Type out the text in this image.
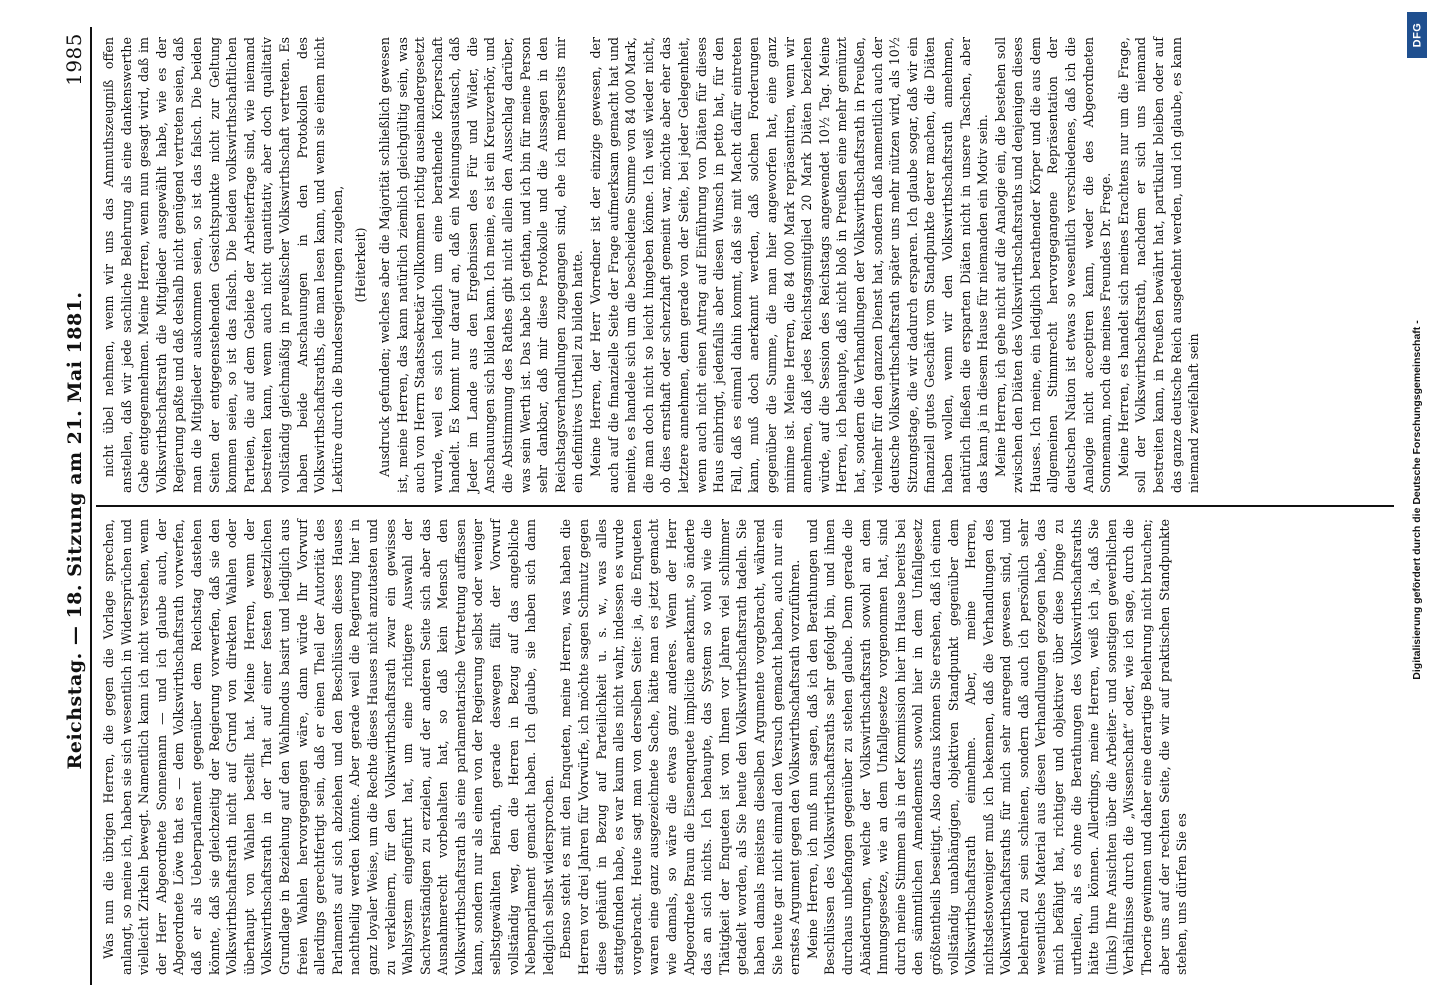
Reichstag. — 18. Sitzung am 21. Mai 1881.
1985

Was nun die übrigen Herren, die gegen die Vorlage sprechen, anlangt, so meine ich, haben sie sich wesentlich in Widersprüchen und vielleicht Zirkeln bewegt. Namentlich kann ich nicht verstehen, wenn der Herr Abgeordnete Sonnemann — und ich glaube auch, der Abgeordnete Löwe that es — dem Volkswirthschaftsrath vorwerfen, daß er als Ueberparlament gegenüber dem Reichstag dastehen könnte, daß sie gleichzeitig der Regierung vorwerfen, daß sie den Volkswirthschaftsrath nicht auf Grund von direkten Wahlen oder überhaupt von Wahlen bestellt hat. Meine Herren, wenn der Volkswirthschaftsrath in der That auf einer festen gesetzlichen Grundlage in Beziehung auf den Wahlmodus basirt und lediglich aus freien Wahlen hervorgegangen wäre, dann würde Ihr Vorwurf allerdings gerechtfertigt sein, daß er einen Theil der Autorität des Parlaments auf sich abziehen und den Beschlüssen dieses Hauses nachtheilig werden könnte. Aber gerade weil die Regierung hier in ganz loyaler Weise, um die Rechte dieses Hauses nicht anzutasten und zu verkleinern, für den Volkswirthschaftsrath zwar ein gewisses Wahlsystem eingeführt hat, um eine richtigere Auswahl der Sachverständigen zu erzielen, auf der anderen Seite sich aber das Ausnahmerecht vorbehalten hat, so daß kein Mensch den Volkswirthschaftsrath als eine parlamentarische Vertretung auffassen kann, sondern nur als einen von der Regierung selbst oder weniger selbstgewählten Beirath, gerade deswegen fällt der Vorwurf vollständig weg, den die Herren in Bezug auf das angebliche Nebenparlament gemacht haben. Ich glaube, sie haben sich dann lediglich selbst widersprochen. Ebenso steht es mit den Enqueten, meine Herren, was haben die Herren vor drei Jahren für Vorwürfe, ich möchte sagen Schmutz gegen diese gehäuft in Bezug auf Parteilichkeit u. s. w., was alles stattgefunden habe, es war kaum alles nicht wahr, indessen es wurde vorgebracht. Heute sagt man von derselben Seite: ja, die Enqueten waren eine ganz ausgezeichnete Sache, hätte man es jetzt gemacht wie damals, so wäre die etwas ganz anderes. Wenn der Herr Abgeordnete Braun die Eisenenquete implicite anerkannt, so änderte das an sich nichts. Ich behaupte, das System so wohl wie die Thätigkeit der Enqueten ist von Ihnen vor Jahren viel schlimmer getadelt worden, als Sie heute den Volkswirthschaftsrath tadeln. Sie haben damals meistens dieselben Argumente vorgebracht, während Sie heute gar nicht einmal den Versuch gemacht haben, auch nur ein ernstes Argument gegen den Volkswirthschaftsrath vorzuführen. Meine Herren, ich muß nun sagen, daß ich den Berathungen und Beschlüssen des Volkswirthschaftsraths sehr gefolgt bin, und ihnen durchaus unbefangen gegenüber zu stehen glaube. Denn gerade die Abänderungen, welche der Volkswirthschaftsrath sowohl an dem Innungsgesetze, wie an dem Unfallgesetze vorgenommen hat, sind durch meine Stimmen als in der Kommission hier im Hause bereits bei den sämmtlichen Amendements sowohl hier in dem Unfallgesetz größtentheils beseitigt. Also daraus können Sie ersehen, daß ich einen vollständig unabhängigen, objektiven Standpunkt gegenüber dem Volkswirthschaftsrath einnehme. Aber, meine Herren, nichtsdestoweniger muß ich bekennen, daß die Verhandlungen des Volkswirthschaftsraths für mich sehr anregend gewesen sind, und belehrend zu sein schienen, sondern daß auch ich persönlich sehr wesentliches Material aus diesen Verhandlungen gezogen habe, das mich befähigt hat, richtiger und objektiver über diese Dinge zu urtheilen, als es ohne die Berathungen des Volkswirthschaftsraths hätte thun können. Allerdings, meine Herren, weiß ich ja, daß Sie (links) Ihre Ansichten über die Arbeiter- und sonstigen gewerblichen Verhältnisse durch die „Wissenschaft“ oder, wie ich sage, durch die Theorie gewinnen und daher eine derartige Belehrung nicht brauchen; aber uns auf der rechten Seite, die wir auf praktischen Standpunkte stehen, uns dürfen Sie es

nicht übel nehmen, wenn wir uns das Anmuthszeugniß offen anstellen, daß wir jede sachliche Belehrung als eine dankenswerthe Gabe entgegennehmen. Meine Herren, wenn nun gesagt wird, daß im Volkswirthschaftsrath die Mitglieder ausgewählt habe, wie es der Regierung paßte und daß deshalb nicht genügend vertreten seien, daß man die Mitglieder auskommen seien, so ist das falsch. Die beiden Seiten der entgegenstehenden Gesichtspunkte nicht zur Geltung kommen seien, so ist das falsch. Die beiden volkswirthschaftlichen Parteien, die auf dem Gebiete der Arbeiterfrage sind, wie niemand bestreiten kann, wenn auch nicht quantitativ, aber doch qualitativ vollständig gleichmäßig in preußischer Volkswirthschaft vertreten. Es haben beide Anschauungen in den Protokollen des Volkswirthschaftsraths, die man lesen kann, und wenn sie einem nicht Lektüre durch die Bundesregierungen zugehen, (Heiterkeit) Ausdruck gefunden; welches aber die Majorität schließlich gewesen ist, meine Herren, das kann natürlich ziemlich gleichgültig sein, was auch von Herrn Staatssekretär vollkommen richtig auseinandergesetzt wurde, weil es sich lediglich um eine berathende Körperschaft handelt. Es kommt nur darauf an, daß ein Meinungsaustausch, daß Jeder im Lande aus den Ergebnissen des Für und Wider, die Anschauungen sich bilden kann. Ich meine, es ist ein Kreuzverhör, und die Abstimmung des Rathes gibt nicht allein den Ausschlag darüber, was sein Werth ist. Das habe ich gethan, und ich bin für meine Person sehr dankbar, daß mir diese Protokolle und die Aussagen in den Reichstagsverhandlungen zugegangen sind, ehe ich meinerseits mir ein definitives Urtheil zu bilden hatte. Meine Herren, der Herr Vorredner ist der einzige gewesen, der auch auf die finanzielle Seite der Frage aufmerksam gemacht hat und meinte, es handele sich um die bescheidene Summe von 84 000 Mark, die man doch nicht so leicht hingeben könne. Ich weiß wieder nicht, ob dies ernsthaft oder scherzhaft gemeint war, möchte aber eher das letztere annehmen, denn gerade von der Seite, bei jeder Gelegenheit, wenn auch nicht einen Antrag auf Einführung von Diäten für dieses Haus einbringt, jedenfalls aber diesen Wunsch in petto hat, für den Fall, daß es einmal dahin kommt, daß sie mit Macht dafür eintreten kann, muß doch anerkannt werden, daß solchen Forderungen gegenüber die Summe, die man hier angeworfen hat, eine ganz minime ist. Meine Herren, die 84 000 Mark repräsentiren, wenn wir annehmen, daß jedes Reichstagsmitglied 20 Mark Diäten beziehen würde, auf die Session des Reichstags angewendet 10½ Tag. Meine Herren, ich behaupte, daß nicht bloß in Preußen eine mehr gemünzt hat, sondern die Verhandlungen der Volkswirthschaftsrath in Preußen, vielmehr für den ganzen Dienst hat, sondern daß namentlich auch der deutsche Volkswirthschaftsrath später uns mehr nützen wird, als 10½ Sitzungstage, die wir dadurch ersparen. Ich glaube sogar, daß wir ein finanziell gutes Geschäft vom Standpunkte derer machen, die Diäten haben wollen, wenn wir den Volkswirthschaftsrath annehmen, natürlich fließen die ersparten Diäten nicht in unsere Taschen, aber das kann ja in diesem Hause für niemanden ein Motiv sein. Meine Herren, ich gehe nicht auf die Analogie ein, die bestehen soll zwischen den Diäten des Volkswirthschaftsraths und denjenigen dieses Hauses. Ich meine, ein lediglich berathender Körper und die aus dem allgemeinen Stimmrecht hervorgegangene Repräsentation der deutschen Nation ist etwas so wesentlich verschiedenes, daß ich die Analogie nicht acceptiren kann, weder die des Abgeordneten Sonnemann, noch die meines Freundes Dr. Frege. Meine Herren, es handelt sich meines Erachtens nur um die Frage, soll der Volkswirthschaftsrath, nachdem er sich uns niemand bestreiten kann, in Preußen bewährt hat, partikular bleiben oder auf das ganze deutsche Reich ausgedehnt werden, und ich glaube, es kann niemand zweifelhaft sein

DFG
Digitalisierung gefördert durch die Deutsche Forschungsgemeinschaft -
